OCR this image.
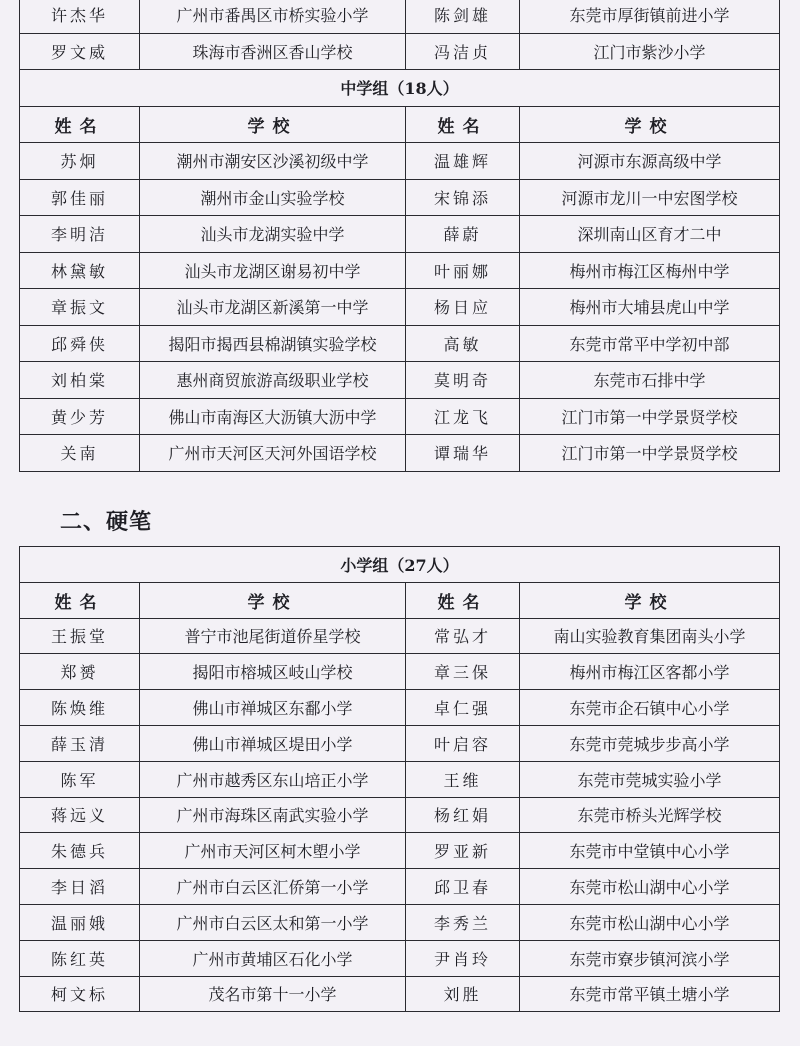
许杰华	广州市番禺区市桥实验小学	陈剑雄	东莞市厚街镇前进小学
罗文威	珠海市香洲区香山学校	冯洁贞	江门市紫沙小学
中学组（18人）			
姓名	学校	姓名	学校
苏炯	潮州市潮安区沙溪初级中学	温雄辉	河源市东源高级中学
郭佳丽	潮州市金山实验学校	宋锦添	河源市龙川一中宏图学校
李明洁	汕头市龙湖实验中学	薛蔚	深圳南山区育才二中
林黛敏	汕头市龙湖区谢易初中学	叶丽娜	梅州市梅江区梅州中学
章振文	汕头市龙湖区新溪第一中学	杨日应	梅州市大埔县虎山中学
邱舜侠	揭阳市揭西县棉湖镇实验学校	高敏	东莞市常平中学初中部
刘柏棠	惠州商贸旅游高级职业学校	莫明奇	东莞市石排中学
黄少芳	佛山市南海区大沥镇大沥中学	江龙飞	江门市第一中学景贤学校
关南	广州市天河区天河外国语学校	谭瑞华	江门市第一中学景贤学校
二、硬笔
小学组（27人）			
姓名	学校	姓名	学校
王振堂	普宁市池尾街道侨星学校	常弘才	南山实验教育集团南头小学
郑赟	揭阳市榕城区岐山学校	章三保	梅州市梅江区客都小学
陈焕维	佛山市禅城区东鄱小学	卓仁强	东莞市企石镇中心小学
薛玉清	佛山市禅城区堤田小学	叶启容	东莞市莞城步步高小学
陈军	广州市越秀区东山培正小学	王维	东莞市莞城实验小学
蒋远义	广州市海珠区南武实验小学	杨红娟	东莞市桥头光辉学校
朱德兵	广州市天河区柯木塱小学	罗亚新	东莞市中堂镇中心小学
李日滔	广州市白云区汇侨第一小学	邱卫春	东莞市松山湖中心小学
温丽娥	广州市白云区太和第一小学	李秀兰	东莞市松山湖中心小学
陈红英	广州市黄埔区石化小学	尹肖玲	东莞市寮步镇河滨小学
柯文标	茂名市第十一小学	刘胜	东莞市常平镇土塘小学
